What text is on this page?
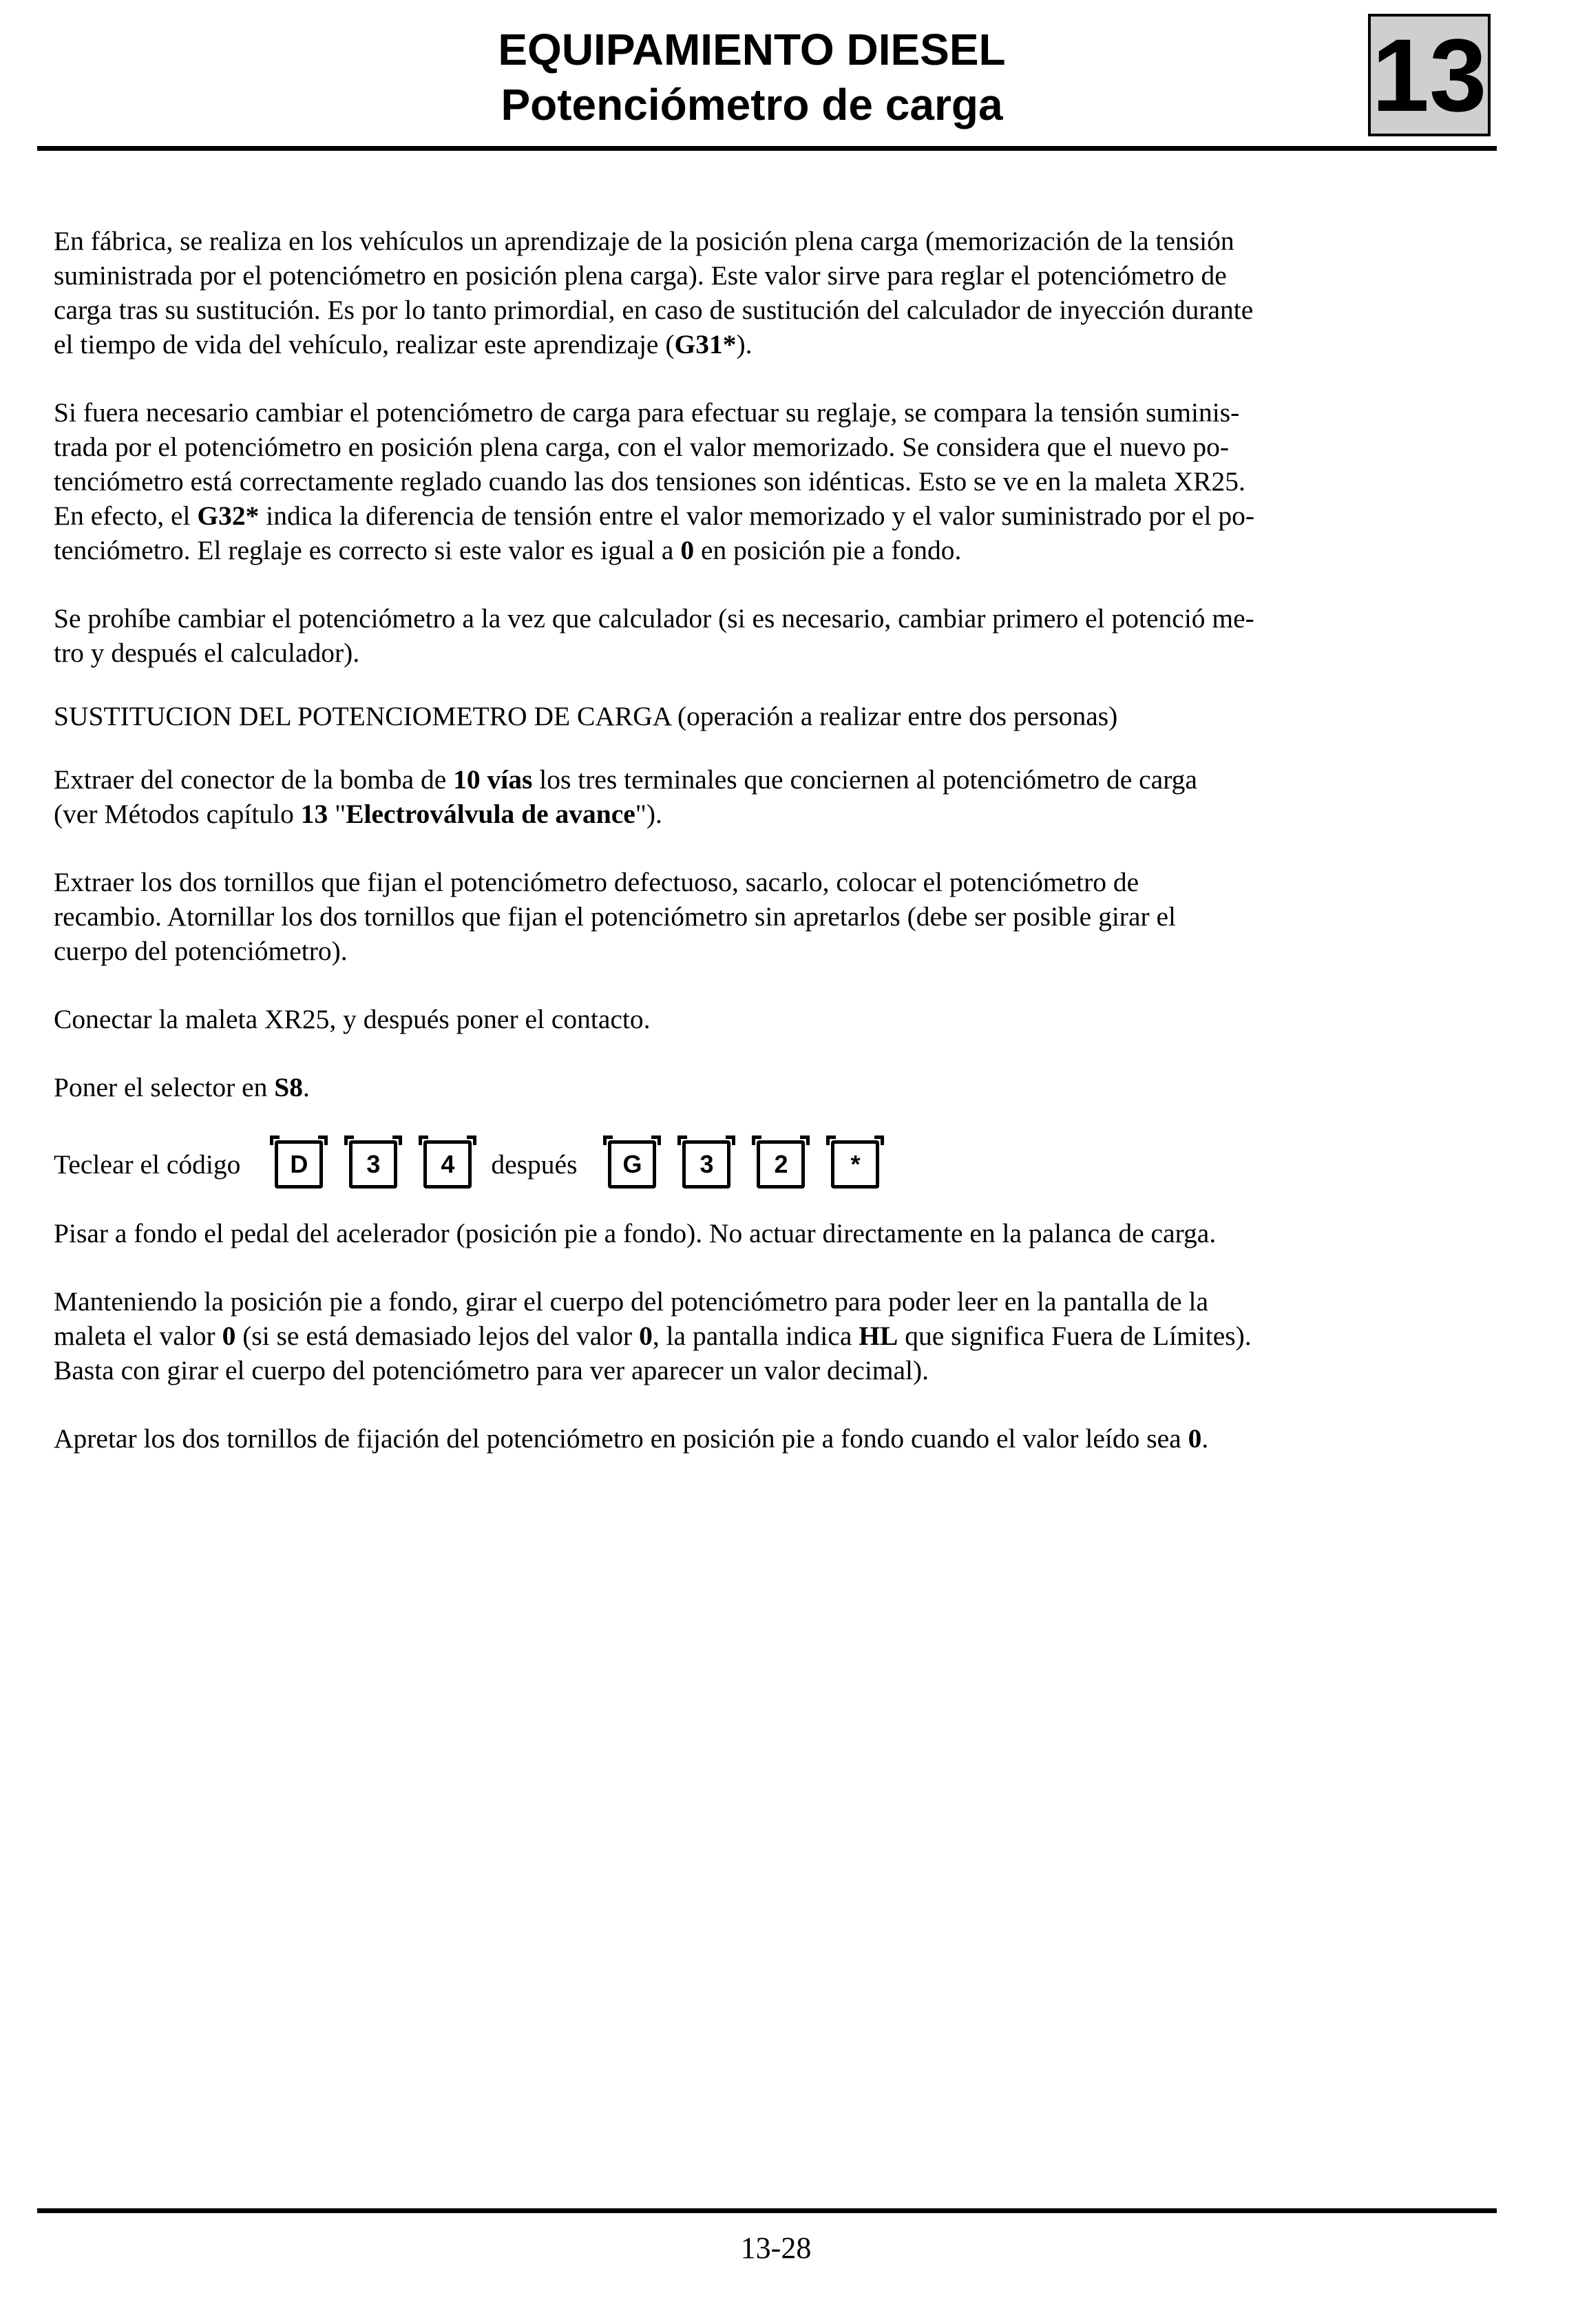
EQUIPAMIENTO DIESEL
Potenciómetro de carga	13

En fábrica, se realiza en los vehículos un aprendizaje de la posición plena carga (memorización de la tensión
suministrada por el potenciómetro en posición plena carga). Este valor sirve para reglar el potenciómetro de
carga tras su sustitución. Es por lo tanto primordial, en caso de sustitución del calculador de inyección durante
el tiempo de vida del vehículo, realizar este aprendizaje (G31*).

Si fuera necesario cambiar el potenciómetro de carga para efectuar su reglaje, se compara la tensión suminis-
trada por el potenciómetro en posición plena carga, con el valor memorizado. Se considera que el nuevo po-
tenciómetro está correctamente reglado cuando las dos tensiones son idénticas. Esto se ve en la maleta XR25.
En efecto, el G32* indica la diferencia de tensión entre el valor memorizado y el valor suministrado por el po-
tenciómetro. El reglaje es correcto si este valor es igual a 0 en posición pie a fondo.

Se prohíbe cambiar el potenciómetro a la vez que calculador (si es necesario, cambiar primero el potenció me-
tro y después el calculador).

SUSTITUCION DEL POTENCIOMETRO DE CARGA (operación a realizar entre dos personas)

Extraer del conector de la bomba de 10 vías los tres terminales que conciernen al potenciómetro de carga
(ver Métodos capítulo 13 "Electroválvula de avance").

Extraer los dos tornillos que fijan el potenciómetro defectuoso, sacarlo, colocar el potenciómetro de
recambio. Atornillar los dos tornillos que fijan el potenciómetro sin apretarlos (debe ser posible girar el
cuerpo del potenciómetro).

Conectar la maleta XR25, y después poner el contacto.

Poner el selector en S8.

Teclear el código	D	3	4	después	G	3	2	*

Pisar a fondo el pedal del acelerador (posición pie a fondo). No actuar directamente en la palanca de carga.

Manteniendo la posición pie a fondo, girar el cuerpo del potenciómetro para poder leer en la pantalla de la
maleta el valor 0 (si se está demasiado lejos del valor 0, la pantalla indica HL que significa Fuera de Límites).
Basta con girar el cuerpo del potenciómetro para ver aparecer un valor decimal).

Apretar los dos tornillos de fijación del potenciómetro en posición pie a fondo cuando el valor leído sea 0.

13-28
